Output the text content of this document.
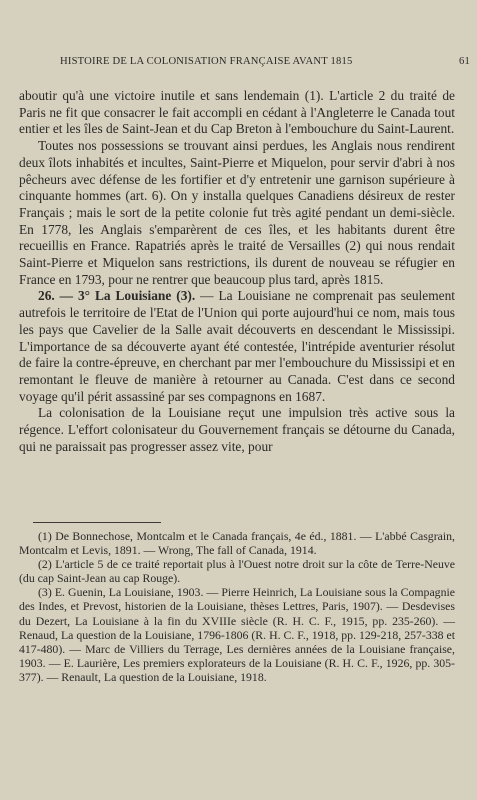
HISTOIRE DE LA COLONISATION FRANÇAISE AVANT 1815	61

aboutir qu'à une victoire inutile et sans lendemain (1). L'article 2 du traité de Paris ne fit que consacrer le fait accompli en cédant à l'Angleterre le Canada tout entier et les îles de Saint-Jean et du Cap Breton à l'embouchure du Saint-Laurent.

Toutes nos possessions se trouvant ainsi perdues, les Anglais nous rendirent deux îlots inhabités et incultes, Saint-Pierre et Miquelon, pour servir d'abri à nos pêcheurs avec défense de les fortifier et d'y entretenir une garnison supérieure à cinquante hommes (art. 6). On y installa quelques Canadiens désireux de rester Français ; mais le sort de la petite colonie fut très agité pendant un demi-siècle. En 1778, les Anglais s'emparèrent de ces îles, et les habitants durent être recueillis en France. Rapatriés après le traité de Versailles (2) qui nous rendait Saint-Pierre et Miquelon sans restrictions, ils durent de nouveau se réfugier en France en 1793, pour ne rentrer que beaucoup plus tard, après 1815.

26. — 3° La Louisiane (3). — La Louisiane ne comprenait pas seulement autrefois le territoire de l'Etat de l'Union qui porte aujourd'hui ce nom, mais tous les pays que Cavelier de la Salle avait découverts en descendant le Mississipi. L'importance de sa découverte ayant été contestée, l'intrépide aventurier résolut de faire la contre-épreuve, en cherchant par mer l'embouchure du Mississipi et en remontant le fleuve de manière à retourner au Canada. C'est dans ce second voyage qu'il périt assassiné par ses compagnons en 1687.

La colonisation de la Louisiane reçut une impulsion très active sous la régence. L'effort colonisateur du Gouvernement français se détourne du Canada, qui ne paraissait pas progresser assez vite, pour

(1) De Bonnechose, Montcalm et le Canada français, 4e éd., 1881. — L'abbé Casgrain, Montcalm et Levis, 1891. — Wrong, The fall of Canada, 1914.

(2) L'article 5 de ce traité reportait plus à l'Ouest notre droit sur la côte de Terre-Neuve (du cap Saint-Jean au cap Rouge).

(3) E. Guenin, La Louisiane, 1903. — Pierre Heinrich, La Louisiane sous la Compagnie des Indes, et Prevost, historien de la Louisiane, thèses Lettres, Paris, 1907). — Desdevises du Dezert, La Louisiane à la fin du XVIIIe siècle (R. H. C. F., 1915, pp. 235-260). — Renaud, La question de la Louisiane, 1796-1806 (R. H. C. F., 1918, pp. 129-218, 257-338 et 417-480). — Marc de Villiers du Terrage, Les dernières années de la Louisiane française, 1903. — E. Laurière, Les premiers explorateurs de la Louisiane (R. H. C. F., 1926, pp. 305-377). — Renault, La question de la Louisiane, 1918.
